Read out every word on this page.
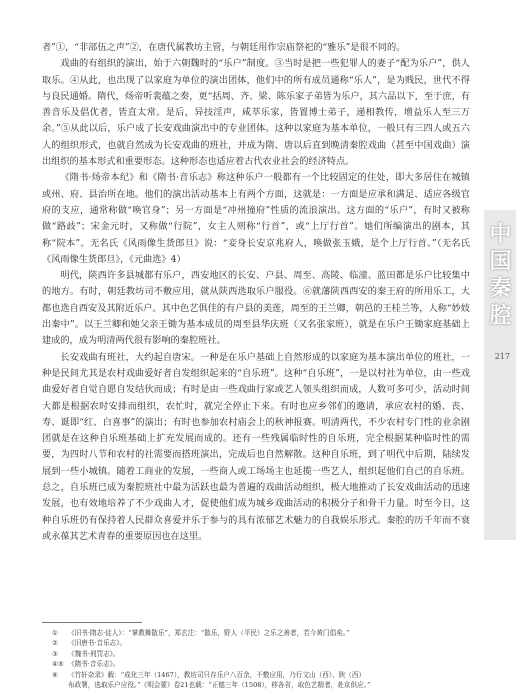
者”①，“非部伍之声”②，在唐代属教坊主管，与朝廷用作宗庙祭祀的“雅乐”是很不同的。

戏曲的有组织的演出，始于六朝魏时的“乐户”制度。③当时是把一些犯罪人的妻子“配为乐户”，供人取乐。④从此，也出现了以家庭为单位的演出团体，他们中的所有成员通称“乐人”，是为贱民，世代不得与良民通婚。隋代，炀帝听裴蕴之奏，更“括周、齐、梁、陈乐家子弟皆为乐户，其六品以下，至于庶，有善音乐及倡优者，皆直太常。是后，异技淫声，咸萃乐家，皆置博士弟子，递相教传，增益乐人至三万余。”⑤从此以后，乐户成了长安戏曲演出中的专业团体。这种以家庭为基本单位，一般只有三四人或五六人的组织形式，也就自然成为长安戏曲的班社，并成为隋、唐以后直到晚清秦腔戏曲（甚至中国戏曲）演出组织的基本形式和重要形态。这种形态也适应着古代农业社会的经济特点。

《隋书·炀帝本纪》和《隋书·音乐志》称这种乐户一般都有一个比较固定的住处，即大多居住在城镇或州、府、县治所在地。他们的演出活动基本上有两个方面，这就是：一方面是应承和满足、适应各级官府的支应，通常称做“唤官身”；另一方面是“冲州撞府”性质的流浪演出。这方面的“乐户”，有时又被称做“路歧”；宋金元时，又称做“行院”，女主人则称“行首”，或“上厅行首”。她们所编演出的剧本，其称“院本”。无名氏《风雨像生货郎旦》说：“妾身长安京兆府人，唤做张玉娥，是个上厅行首。”（无名氏《风雨像生货郎旦》，《元曲选》4）

明代，陕西许多县城都有乐户，西安地区的长安、户县、周至、高陵、临潼、蓝田都是乐户比较集中的地方。有时，朝廷教坊司不敷应用，就从陕西选取乐户服役。⑥就藩陕西西安的秦王府的所用乐工，大都也选自西安及其附近乐户。其中色艺俱佳的有户县的美莲，周至的王兰卿，朝邑的王桂兰等，人称“妙妓出秦中”。以王兰卿和她父亲王锄为基本成员的周至县华庆班（又名张家班），就是在乐户王锄家庭基础上建成的，成为明清两代很有影响的秦腔班社。

长安戏曲有班社，大约起自唐宋。一种是在乐户基础上自然形成的以家庭为基本演出单位的班社，一种是民间尤其是农村戏曲爱好者自发组织起来的“自乐班”。这种“自乐班”，一是以村社为单位，由一些戏曲爱好者自觉自愿自发结伙而成；有时是由一些戏曲行家或艺人领头组织而成，人数可多可少，活动时间大都是根据农时安排而组织，农忙时，就完全停止下来。有时也应乡邻们的邀请，承应农村的婚、丧、寿、诞即“红、白喜事”的演出；有时也参加农村庙会上的秋神报赛。明清两代，不少农村专门性的业余剧团就是在这种自乐班基础上扩充发展而成的。还有一些残属临时性的自乐班，完全根据某种临时性的需要，为四时八节和农村的社需要而搭班演出，完成后也自然解散。这种自乐班，到了明代中后期，陆续发展到一些小城镇。随着工商业的发展，一些商人或工场场主也延揽一些艺人，组织起他们自己的自乐班。总之，自乐班已成为秦腔班社中最为活跃也最为普遍的戏曲活动组织，极大地推动了长安戏曲活动的迅速发展，也有效地培养了不少戏曲人才，促使他们成为城乡戏曲活动的积极分子和骨干力量。时至今日，这种自乐班仍有保持着人民群众喜爱并乐于参与的具有浓郁艺术魅力的自我娱乐形式。秦腔的历千年而不衰或永葆其艺术青春的重要原因也在这里。

① 《旧书·隋志·徒人》：“掌教舞散乐”，郑玄注：“散乐，野人（平民）之乐之善者，若今黄门倡矣。”
② 《旧唐书·音乐志》。
③ 《魏书·刑罚志》。
④⑤ 《隋书·音乐志》。
⑥ 《竹轩杂录》载：“成化三年（1467），教坊司只存乐户八百余，不敷应用，乃行文山（西）、陕（西）
布政署，选取乐户应役。”《明会要》卷21也载：“正德三年（1508），移各省，取色艺精者，赴京供应。”
中国秦腔
217
